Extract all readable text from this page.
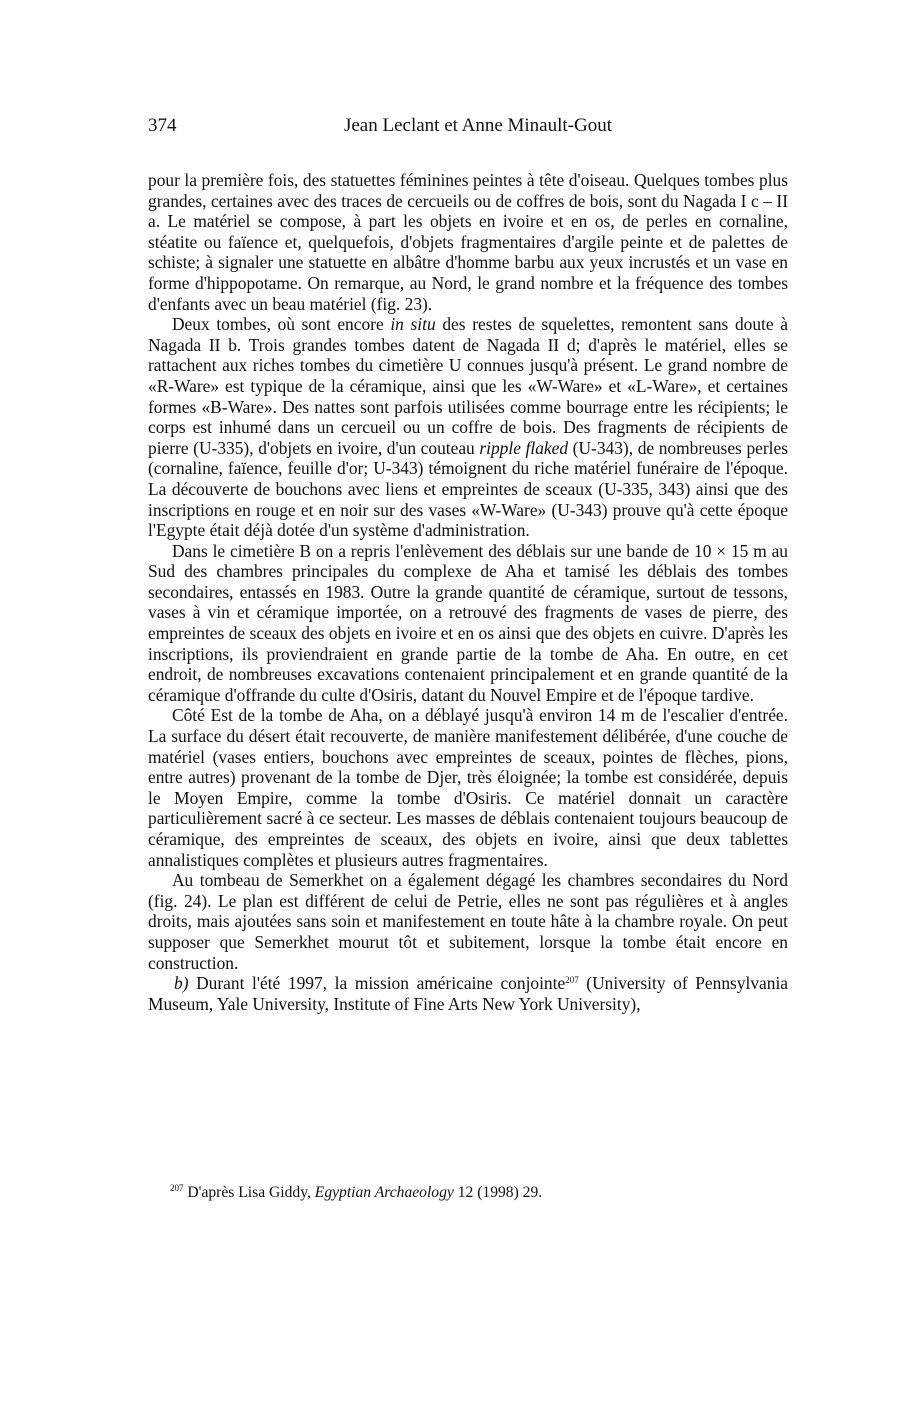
374	Jean Leclant et Anne Minault-Gout

pour la première fois, des statuettes féminines peintes à tête d'oiseau. Quelques tombes plus grandes, certaines avec des traces de cercueils ou de coffres de bois, sont du Nagada I c – II a. Le matériel se compose, à part les objets en ivoire et en os, de perles en cornaline, stéatite ou faïence et, quelquefois, d'objets fragmentaires d'argile peinte et de palettes de schiste; à signaler une statuette en albâtre d'homme barbu aux yeux incrustés et un vase en forme d'hippopotame. On remarque, au Nord, le grand nombre et la fréquence des tombes d'enfants avec un beau matériel (fig. 23).

Deux tombes, où sont encore in situ des restes de squelettes, remontent sans doute à Nagada II b. Trois grandes tombes datent de Nagada II d; d'après le matériel, elles se rattachent aux riches tombes du cimetière U connues jusqu'à présent. Le grand nombre de «R-Ware» est typique de la céramique, ainsi que les «W-Ware» et «L-Ware», et certaines formes «B-Ware». Des nattes sont parfois utilisées comme bourrage entre les récipients; le corps est inhumé dans un cercueil ou un coffre de bois. Des fragments de récipients de pierre (U-335), d'objets en ivoire, d'un couteau ripple flaked (U-343), de nombreuses perles (cornaline, faïence, feuille d'or; U-343) témoignent du riche matériel funéraire de l'époque. La découverte de bouchons avec liens et empreintes de sceaux (U-335, 343) ainsi que des inscriptions en rouge et en noir sur des vases «W-Ware» (U-343) prouve qu'à cette époque l'Egypte était déjà dotée d'un système d'administration.

Dans le cimetière B on a repris l'enlèvement des déblais sur une bande de 10 × 15 m au Sud des chambres principales du complexe de Aha et tamisé les déblais des tombes secondaires, entassés en 1983. Outre la grande quantité de céramique, surtout de tessons, vases à vin et céramique importée, on a retrouvé des fragments de vases de pierre, des empreintes de sceaux des objets en ivoire et en os ainsi que des objets en cuivre. D'après les inscriptions, ils proviendraient en grande partie de la tombe de Aha. En outre, en cet endroit, de nombreuses excavations contenaient principalement et en grande quantité de la céramique d'offrande du culte d'Osiris, datant du Nouvel Empire et de l'époque tardive.

Côté Est de la tombe de Aha, on a déblayé jusqu'à environ 14 m de l'escalier d'entrée. La surface du désert était recouverte, de manière manifestement délibérée, d'une couche de matériel (vases entiers, bouchons avec empreintes de sceaux, pointes de flèches, pions, entre autres) provenant de la tombe de Djer, très éloignée; la tombe est considérée, depuis le Moyen Empire, comme la tombe d'Osiris. Ce matériel donnait un caractère particulièrement sacré à ce secteur. Les masses de déblais contenaient toujours beaucoup de céramique, des empreintes de sceaux, des objets en ivoire, ainsi que deux tablettes annalistiques complètes et plusieurs autres fragmentaires.

Au tombeau de Semerkhet on a également dégagé les chambres secondaires du Nord (fig. 24). Le plan est différent de celui de Petrie, elles ne sont pas régulières et à angles droits, mais ajoutées sans soin et manifestement en toute hâte à la chambre royale. On peut supposer que Semerkhet mourut tôt et subitement, lorsque la tombe était encore en construction.

b) Durant l'été 1997, la mission américaine conjointe$^{207}$ (University of Pennsylvania Museum, Yale University, Institute of Fine Arts New York University),

$^{207}$ D'après Lisa Giddy, Egyptian Archaeology 12 (1998) 29.
